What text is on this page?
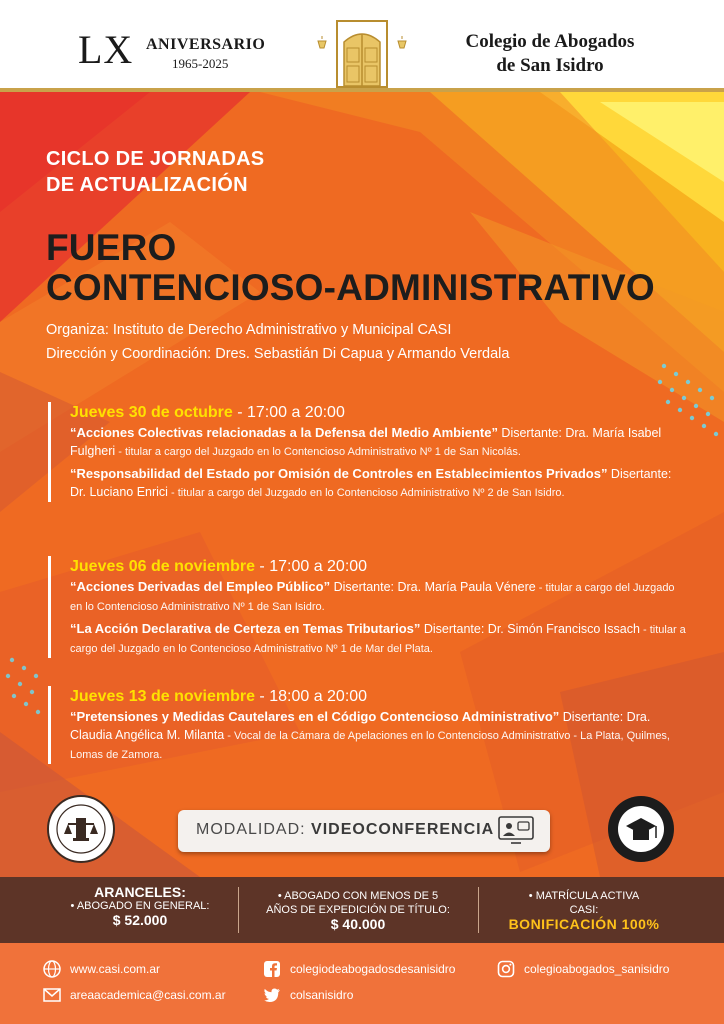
LX ANIVERSARIO
1965-2025
Colegio de Abogados
de San Isidro
CICLO DE JORNADAS
DE ACTUALIZACIÓN
FUERO
CONTENCIOSO-ADMINISTRATIVO
Organiza: Instituto de Derecho Administrativo y Municipal CASI
Dirección y Coordinación: Dres. Sebastián Di Capua y Armando Verdala
Jueves 30 de octubre - 17:00 a 20:00
“Acciones Colectivas relacionadas a la Defensa del Medio Ambiente” Disertante: Dra. María Isabel Fulgheri - titular a cargo del Juzgado en lo Contencioso Administrativo Nº 1 de San Nicolás.
“Responsabilidad del Estado por Omisión de Controles en Establecimientos Privados” Disertante: Dr. Luciano Enrici - titular a cargo del Juzgado en lo Contencioso Administrativo Nº 2 de San Isidro.
Jueves 06 de noviembre - 17:00 a 20:00
“Acciones Derivadas del Empleo Público” Disertante: Dra. María Paula Vénere - titular a cargo del Juzgado en lo Contencioso Administrativo Nº 1 de San Isidro.
“La Acción Declarativa de Certeza en Temas Tributarios” Disertante: Dr. Simón Francisco Issach - titular a cargo del Juzgado en lo Contencioso Administrativo Nº 1 de Mar del Plata.
Jueves 13 de noviembre - 18:00 a 20:00
“Pretensiones y Medidas Cautelares en el Código Contencioso Administrativo” Disertante: Dra. Claudia Angélica M. Milanta - Vocal de la Cámara de Apelaciones en lo Contencioso Administrativo - La Plata, Quilmes, Lomas de Zamora.
MODALIDAD: VIDEOCONFERENCIA
ARANCELES:
• ABOGADO EN GENERAL:
$ 52.000
• ABOGADO CON MENOS DE 5
AÑOS DE EXPEDICIÓN DE TÍTULO:
$ 40.000
• MATRÍCULA ACTIVA
CASI:
BONIFICACIÓN 100%
www.casi.com.ar
areaacademica@casi.com.ar
colegiodeabogadosdesanisidro
colsanisidro
colegioabogados_sanisidro
